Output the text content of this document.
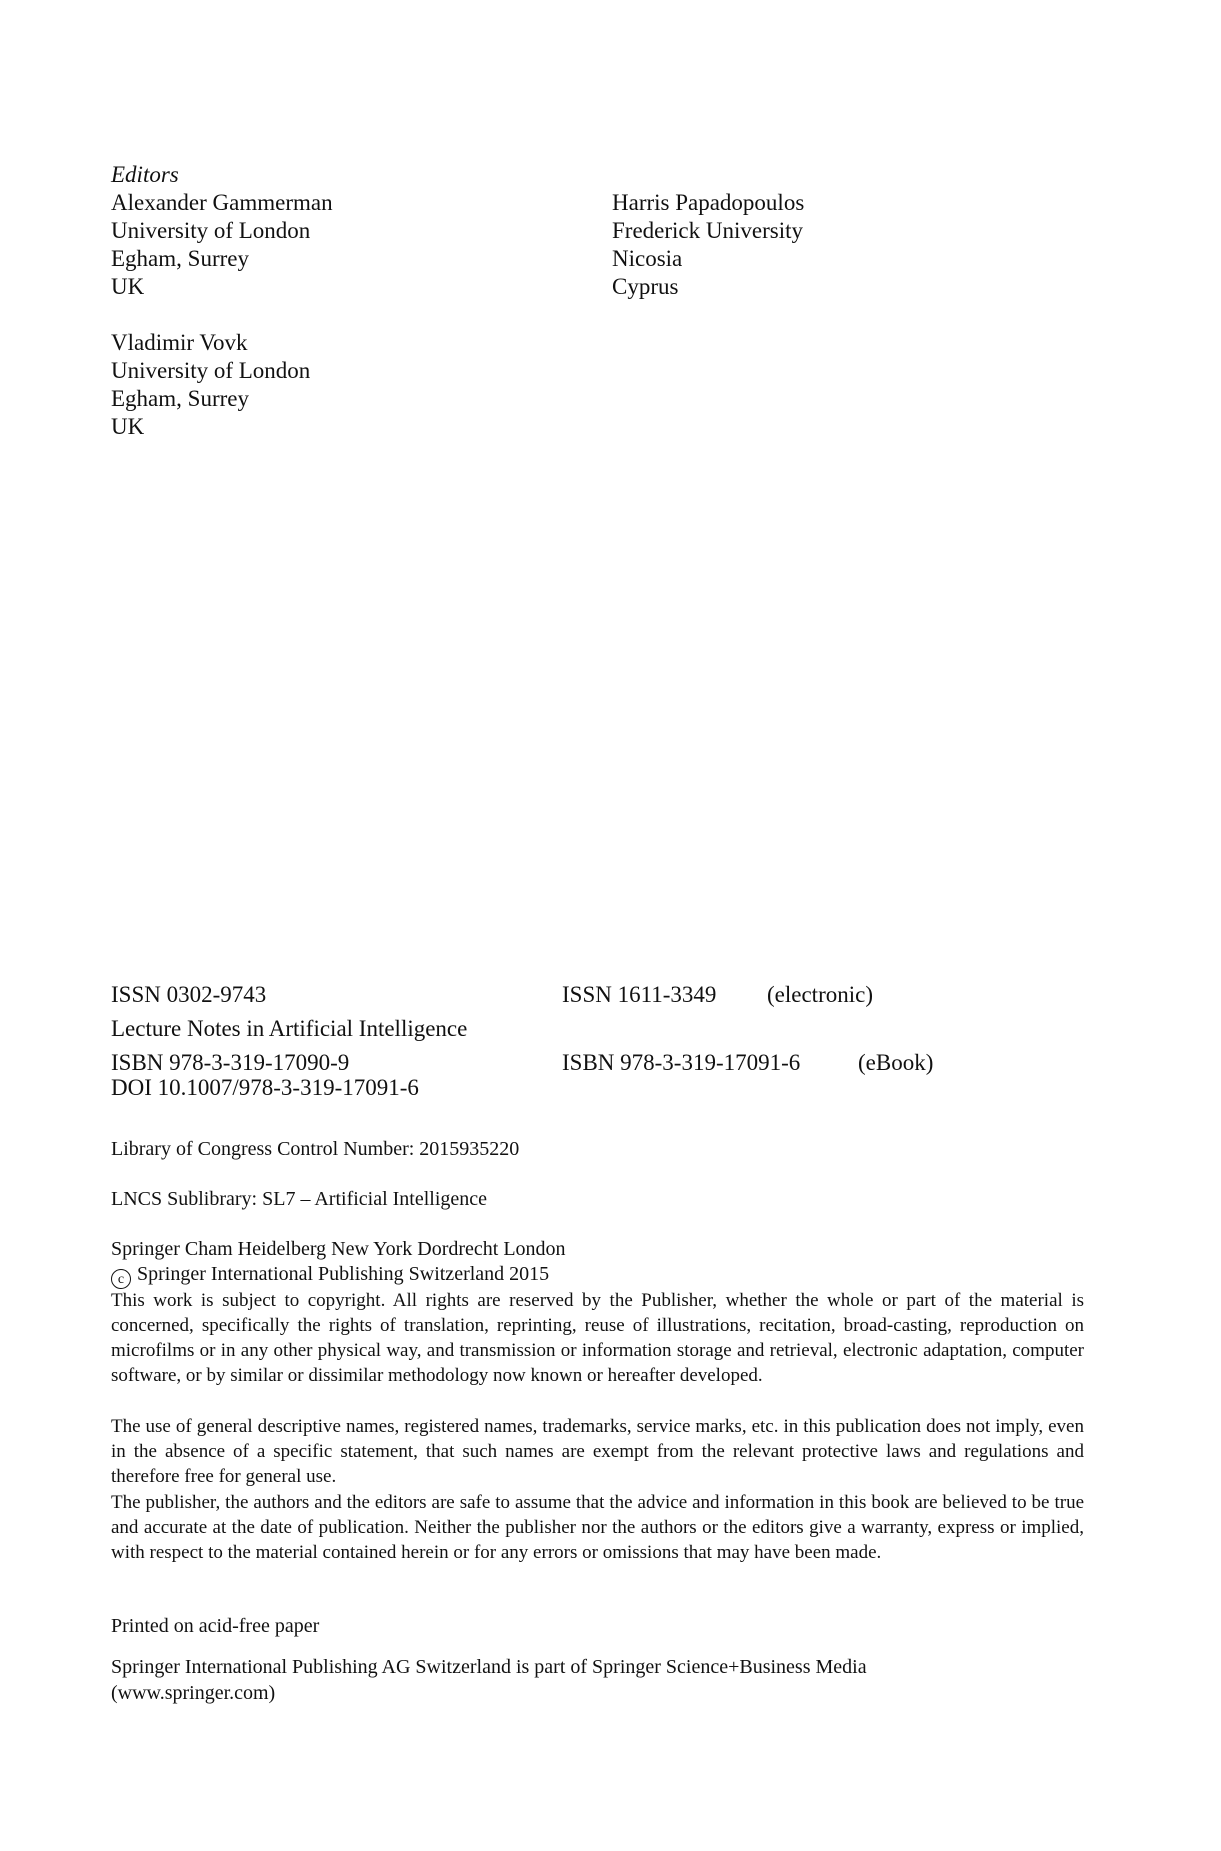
Editors
Alexander Gammerman
University of London
Egham, Surrey
UK
Harris Papadopoulos
Frederick University
Nicosia
Cyprus
Vladimir Vovk
University of London
Egham, Surrey
UK
ISSN 0302-9743	ISSN 1611-3349 (electronic)
Lecture Notes in Artificial Intelligence
ISBN 978-3-319-17090-9	ISBN 978-3-319-17091-6	(eBook)
DOI 10.1007/978-3-319-17091-6
Library of Congress Control Number: 2015935220
LNCS Sublibrary: SL7 – Artificial Intelligence
Springer Cham Heidelberg New York Dordrecht London
c Springer International Publishing Switzerland 2015
This work is subject to copyright. All rights are reserved by the Publisher, whether the whole or part of the material is concerned, specifically the rights of translation, reprinting, reuse of illustrations, recitation, broad-casting, reproduction on microfilms or in any other physical way, and transmission or information storage and retrieval, electronic adaptation, computer software, or by similar or dissimilar methodology now known or hereafter developed.
The use of general descriptive names, registered names, trademarks, service marks, etc. in this publication does not imply, even in the absence of a specific statement, that such names are exempt from the relevant protective laws and regulations and therefore free for general use.
The publisher, the authors and the editors are safe to assume that the advice and information in this book are believed to be true and accurate at the date of publication. Neither the publisher nor the authors or the editors give a warranty, express or implied, with respect to the material contained herein or for any errors or omissions that may have been made.
Printed on acid-free paper
Springer International Publishing AG Switzerland is part of Springer Science+Business Media
(www.springer.com)
